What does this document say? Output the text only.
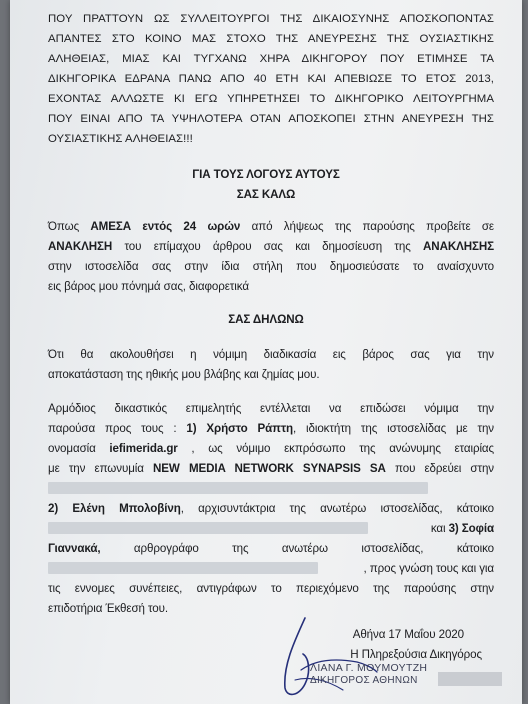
ΠΟΥ ΠΡΑΤΤΟΥΝ ΩΣ ΣΥΛΛΕΙΤΟΥΡΓΟΙ ΤΗΣ ΔΙΚΑΙΟΣΥΝΗΣ ΑΠΟΣΚΟΠΟΝΤΑΣ
ΑΠΑΝΤΕΣ ΣΤΟ ΚΟΙΝΟ ΜΑΣ ΣΤΟΧΟ ΤΗΣ ΑΝΕΥΡΕΣΗΣ ΤΗΣ ΟΥΣΙΑΣΤΙΚΗΣ
ΑΛΗΘΕΙΑΣ, ΜΙΑΣ ΚΑΙ ΤΥΓΧΑΝΩ ΧΗΡΑ ΔΙΚΗΓΟΡΟΥ ΠΟΥ ΕΤΙΜΗΣΕ ΤΑ
ΔΙΚΗΓΟΡΙΚΑ ΕΔΡΑΝΑ ΠΑΝΩ ΑΠΟ 40 ΕΤΗ ΚΑΙ ΑΠΕΒΙΩΣΕ ΤΟ ΕΤΟΣ 2013,
ΕΧΟΝΤΑΣ ΑΛΛΩΣΤΕ ΚΙ ΕΓΩ ΥΠΗΡΕΤΗΣΕΙ ΤΟ ΔΙΚΗΓΟΡΙΚΟ ΛΕΙΤΟΥΡΓΗΜΑ
ΠΟΥ ΕΙΝΑΙ ΑΠΟ ΤΑ ΥΨΗΛΟΤΕΡΑ ΟΤΑΝ ΑΠΟΣΚΟΠΕΙ ΣΤΗΝ ΑΝΕΥΡΕΣΗ ΤΗΣ
ΟΥΣΙΑΣΤΙΚΗΣ ΑΛΗΘΕΙΑΣ!!!
ΓΙΑ ΤΟΥΣ ΛΟΓΟΥΣ ΑΥΤΟΥΣ
ΣΑΣ ΚΑΛΩ
Όπως ΑΜΕΣΑ εντός 24 ωρών από λήψεως της παρούσης προβείτε σε
ΑΝΑΚΛΗΣΗ του επίμαχου άρθρου σας και δημοσίευση της ΑΝΑΚΛΗΣΗΣ
στην ιστοσελίδα σας στην ίδια στήλη που δημοσιεύσατε το αναίσχυντο
εις βάρος μου πόνημά σας, διαφορετικά
ΣΑΣ ΔΗΛΩΝΩ
Ότι θα ακολουθήσει η νόμιμη διαδικασία εις βάρος σας για την
αποκατάσταση της ηθικής μου βλάβης και ζημίας μου.
Αρμόδιος δικαστικός επιμελητής εντέλλεται να επιδώσει νόμιμα την
παρούσα προς τους : 1) Χρήστο Ράπτη, ιδιοκτήτη της ιστοσελίδας με την
ονομασία iefimerida.gr , ως νόμιμο εκπρόσωπο της ανώνυμης εταιρίας
με την επωνυμία NEW MEDIA NETWORK SYNAPSIS SA που εδρεύει στην
2) Ελένη Μπολοβίνη, αρχισυντάκτρια της ανωτέρω ιστοσελίδας, κάτοικο
και 3) Σοφία
Γιαννακά,	αρθρογράφο της ανωτέρω ιστοσελίδας,	κάτοικο
, προς γνώση τους και για
τις εννομες συνέπειες, αντιγράφων το περιεχόμενο της παρούσης στην
επιδοτήρια Έκθεσή του.
Αθήνα 17 Μαΐου 2020
Η Πληρεξούσια Δικηγόρος
ΛΙΑΝΑ Γ. ΜΟΥΜΟΥΤΖΗ
ΔΙΚΗΓΟΡΟΣ ΑΘΗΝΩΝ
